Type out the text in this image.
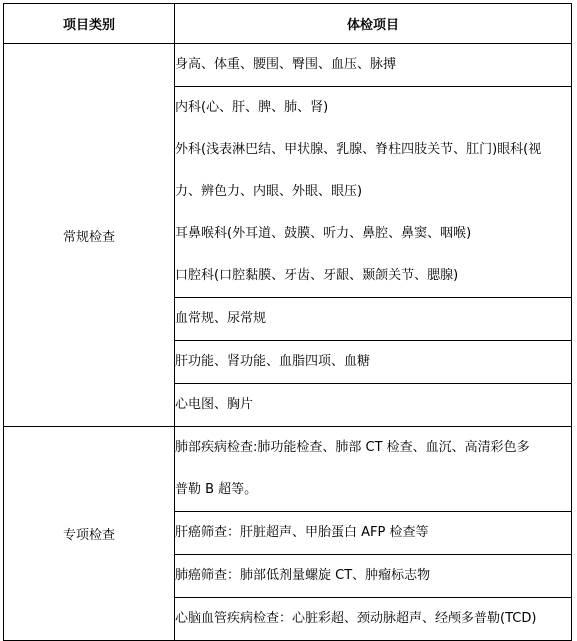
项目类别	体检项目
常规检查	身高、体重、腰围、臀围、血压、脉搏

	内科(心、肝、脾、肺、肾)
外科(浅表淋巴结、甲状腺、乳腺、脊柱四肢关节、肛门)眼科(视
力、辨色力、内眼、外眼、眼压)
耳鼻喉科(外耳道、鼓膜、听力、鼻腔、鼻窦、咽喉)
口腔科(口腔黏膜、牙齿、牙龈、颞颌关节、腮腺)

	血常规、尿常规

	肝功能、肾功能、血脂四项、血糖

	心电图、胸片

专项检查	肺部疾病检查:肺功能检查、肺部 CT 检查、血沉、高清彩色多
普勒 B 超等。

	肝癌筛查：肝脏超声、甲胎蛋白 AFP 检查等

	肺癌筛查：肺部低剂量螺旋 CT、肿瘤标志物

	心脑血管疾病检查：心脏彩超、颈动脉超声、经颅多普勒(TCD)
